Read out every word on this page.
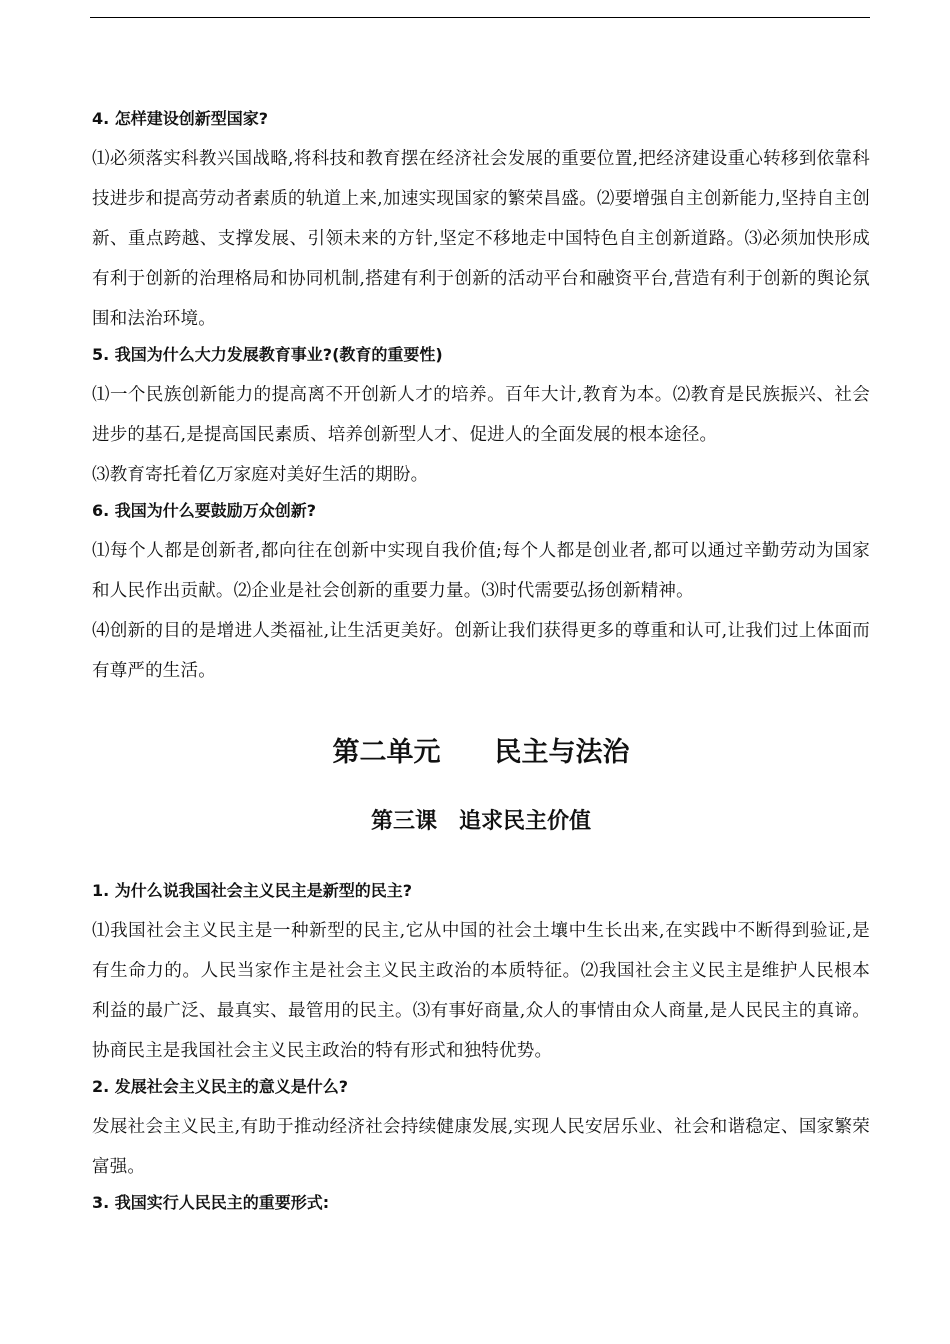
4. 怎样建设创新型国家?

⑴必须落实科教兴国战略,将科技和教育摆在经济社会发展的重要位置,把经济建设重心转移到依靠科技进步和提高劳动者素质的轨道上来,加速实现国家的繁荣昌盛。⑵要增强自主创新能力,坚持自主创新、重点跨越、支撑发展、引领未来的方针,坚定不移地走中国特色自主创新道路。⑶必须加快形成有利于创新的治理格局和协同机制,搭建有利于创新的活动平台和融资平台,营造有利于创新的舆论氛围和法治环境。

5. 我国为什么大力发展教育事业?(教育的重要性)

⑴一个民族创新能力的提高离不开创新人才的培养。百年大计,教育为本。⑵教育是民族振兴、社会进步的基石,是提高国民素质、培养创新型人才、促进人的全面发展的根本途径。

⑶教育寄托着亿万家庭对美好生活的期盼。

6. 我国为什么要鼓励万众创新?

⑴每个人都是创新者,都向往在创新中实现自我价值;每个人都是创业者,都可以通过辛勤劳动为国家和人民作出贡献。⑵企业是社会创新的重要力量。⑶时代需要弘扬创新精神。

⑷创新的目的是增进人类福祉,让生活更美好。创新让我们获得更多的尊重和认可,让我们过上体面而有尊严的生活。

第二单元　　民主与法治
第三课　追求民主价值
1. 为什么说我国社会主义民主是新型的民主?

⑴我国社会主义民主是一种新型的民主,它从中国的社会土壤中生长出来,在实践中不断得到验证,是有生命力的。人民当家作主是社会主义民主政治的本质特征。⑵我国社会主义民主是维护人民根本利益的最广泛、最真实、最管用的民主。⑶有事好商量,众人的事情由众人商量,是人民民主的真谛。协商民主是我国社会主义民主政治的特有形式和独特优势。

2. 发展社会主义民主的意义是什么?

发展社会主义民主,有助于推动经济社会持续健康发展,实现人民安居乐业、社会和谐稳定、国家繁荣富强。

3. 我国实行人民民主的重要形式:
